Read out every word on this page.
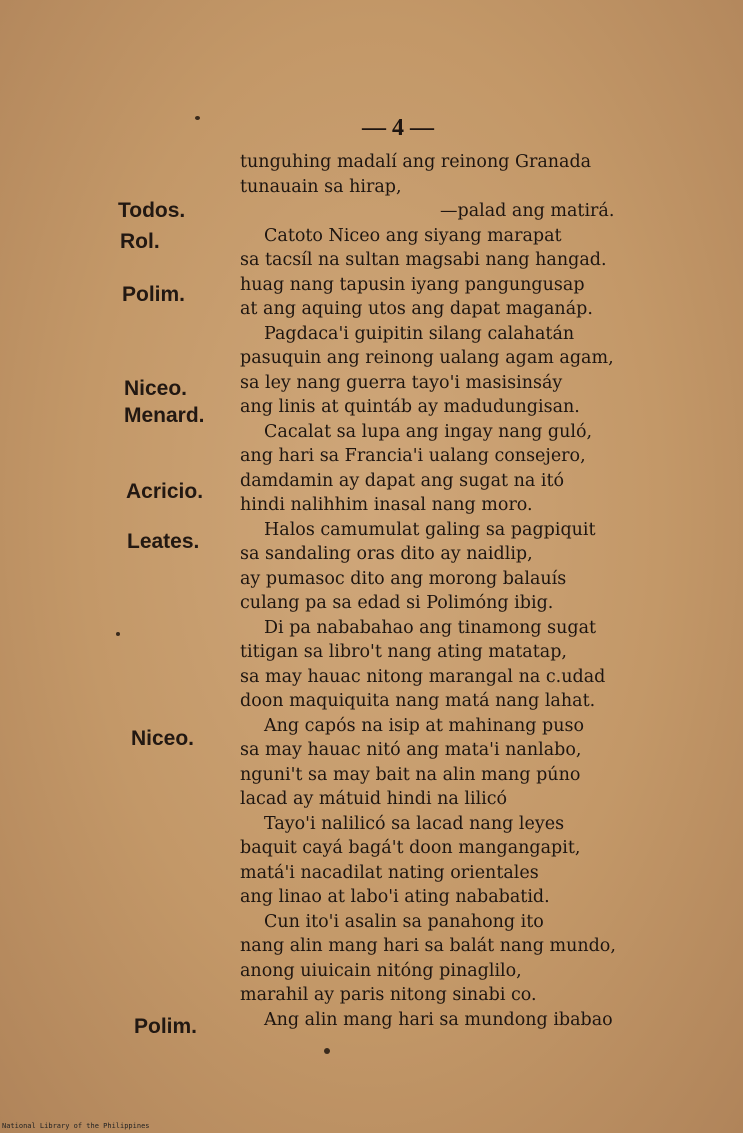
— 4 —
Todos.
Rol.
Polim.
Niceo.
Menard.
Acricio.
Leates.
Niceo.
Polim.
tunguhing madalí ang reinong Granada
tunauain sa hirap,
—palad ang matirá.
Catoto Niceo ang siyang marapat
sa tacsíl na sultan magsabi nang hangad.
huag nang tapusin iyang pangungusap
at ang aquing utos ang dapat maganáp.
Pagdaca'i guipitin silang calahatán
pasuquin ang reinong ualang agam agam,
sa ley nang guerra tayo'i masisinsáy
ang linis at quintáb ay madudungisan.
Cacalat sa lupa ang ingay nang guló,
ang hari sa Francia'i ualang consejero,
damdamin ay dapat ang sugat na itó
hindi nalihhim inasal nang moro.
Halos camumulat galing sa pagpiquit
sa sandaling oras dito ay naidlip,
ay pumasoc dito ang morong balauís
culang pa sa edad si Polimóng ibig.
Di pa nababahao ang tinamong sugat
titigan sa libro't nang ating matatap,
sa may hauac nitong marangal na c.udad
doon maquiquita nang matá nang lahat.
Ang capós na isip at mahinang puso
sa may hauac nitó ang mata'i nanlabo,
nguni't sa may bait na alin mang púno
lacad ay mátuid hindi na lilicó
Tayo'i nalilicó sa lacad nang leyes
baquit cayá bagá't doon mangangapit,
matá'i nacadilat nating orientales
ang linao at labo'i ating nababatid.
Cun ito'i asalin sa panahong ito
nang alin mang hari sa balát nang mundo,
anong uiuicain nitóng pinaglilo,
marahil ay paris nitong sinabi co.
Ang alin mang hari sa mundong ibabao
National Library of the Philippines
